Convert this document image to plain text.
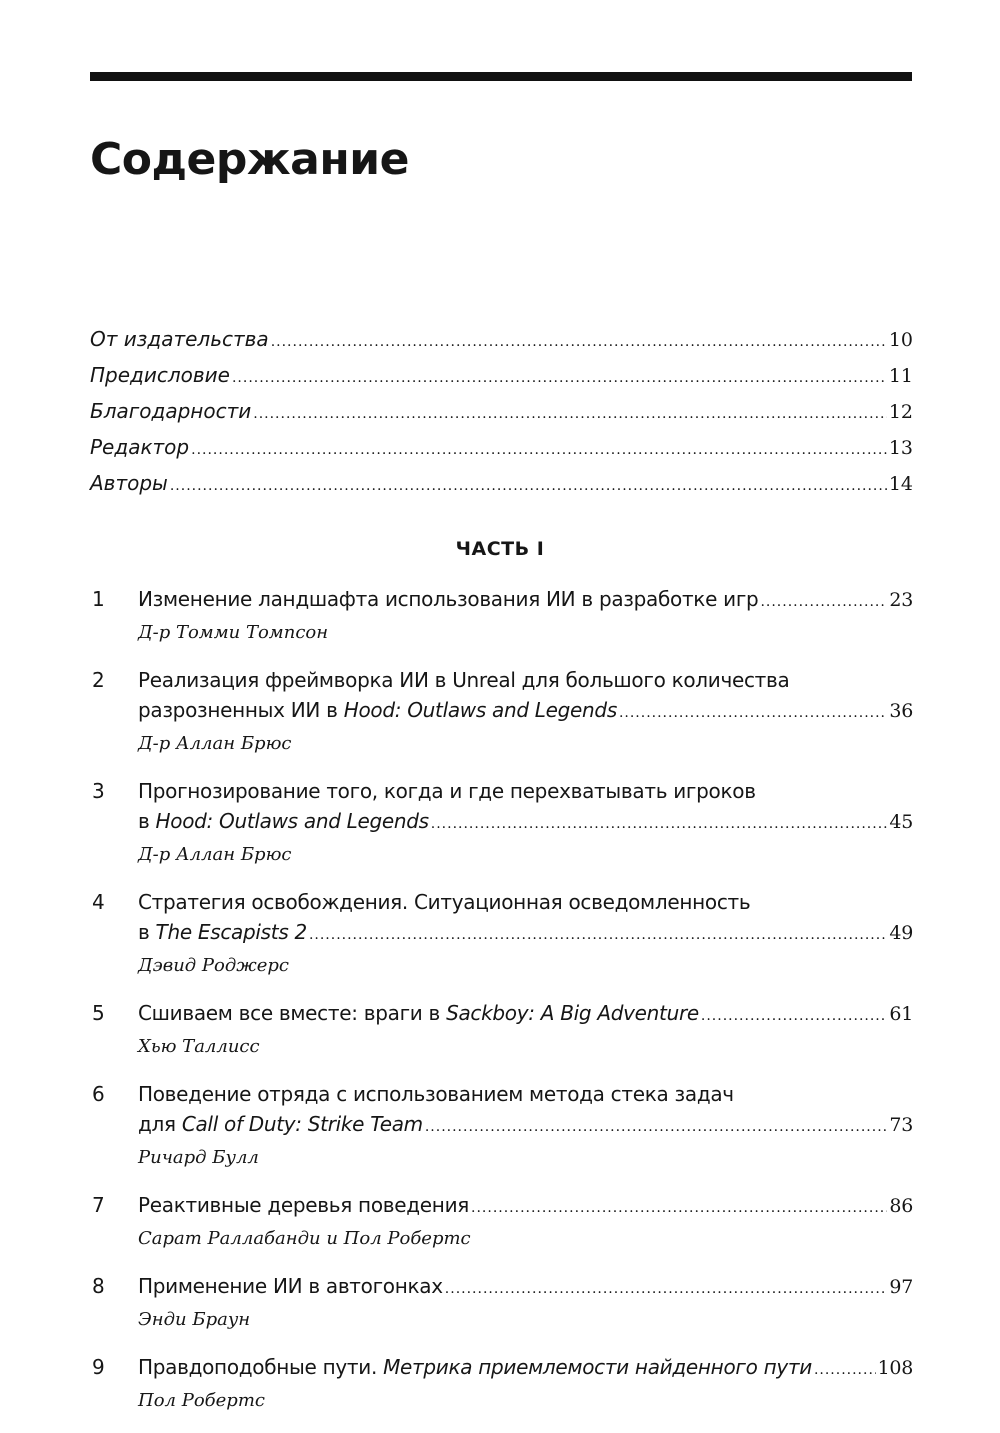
Содержание
От издательства .....	10
Предисловие .....	11
Благодарности .....	12
Редактор .....	13
Авторы .....	14
ЧАСТЬ I
1	Изменение ландшафта использования ИИ в разработке игр .....	23
Д-р Томми Томпсон
2	Реализация фреймворка ИИ в Unreal для большого количества
разрозненных ИИ в Hood: Outlaws and Legends .....	36
Д-р Аллан Брюс
3	Прогнозирование того, когда и где перехватывать игроков
в Hood: Outlaws and Legends .....	45
Д-р Аллан Брюс
4	Стратегия освобождения. Ситуационная осведомленность
в The Escapists 2 .....	49
Дэвид Роджерс
5	Сшиваем все вместе: враги в Sackboy: A Big Adventure .....	61
Хью Таллисс
6	Поведение отряда с использованием метода стека задач
для Call of Duty: Strike Team .....	73
Ричард Булл
7	Реактивные деревья поведения .....	86
Сарат Раллабанди и Пол Робертс
8	Применение ИИ в автогонках .....	97
Энди Браун
9	Правдоподобные пути. Метрика приемлемости найденного пути .....	108
Пол Робертс
